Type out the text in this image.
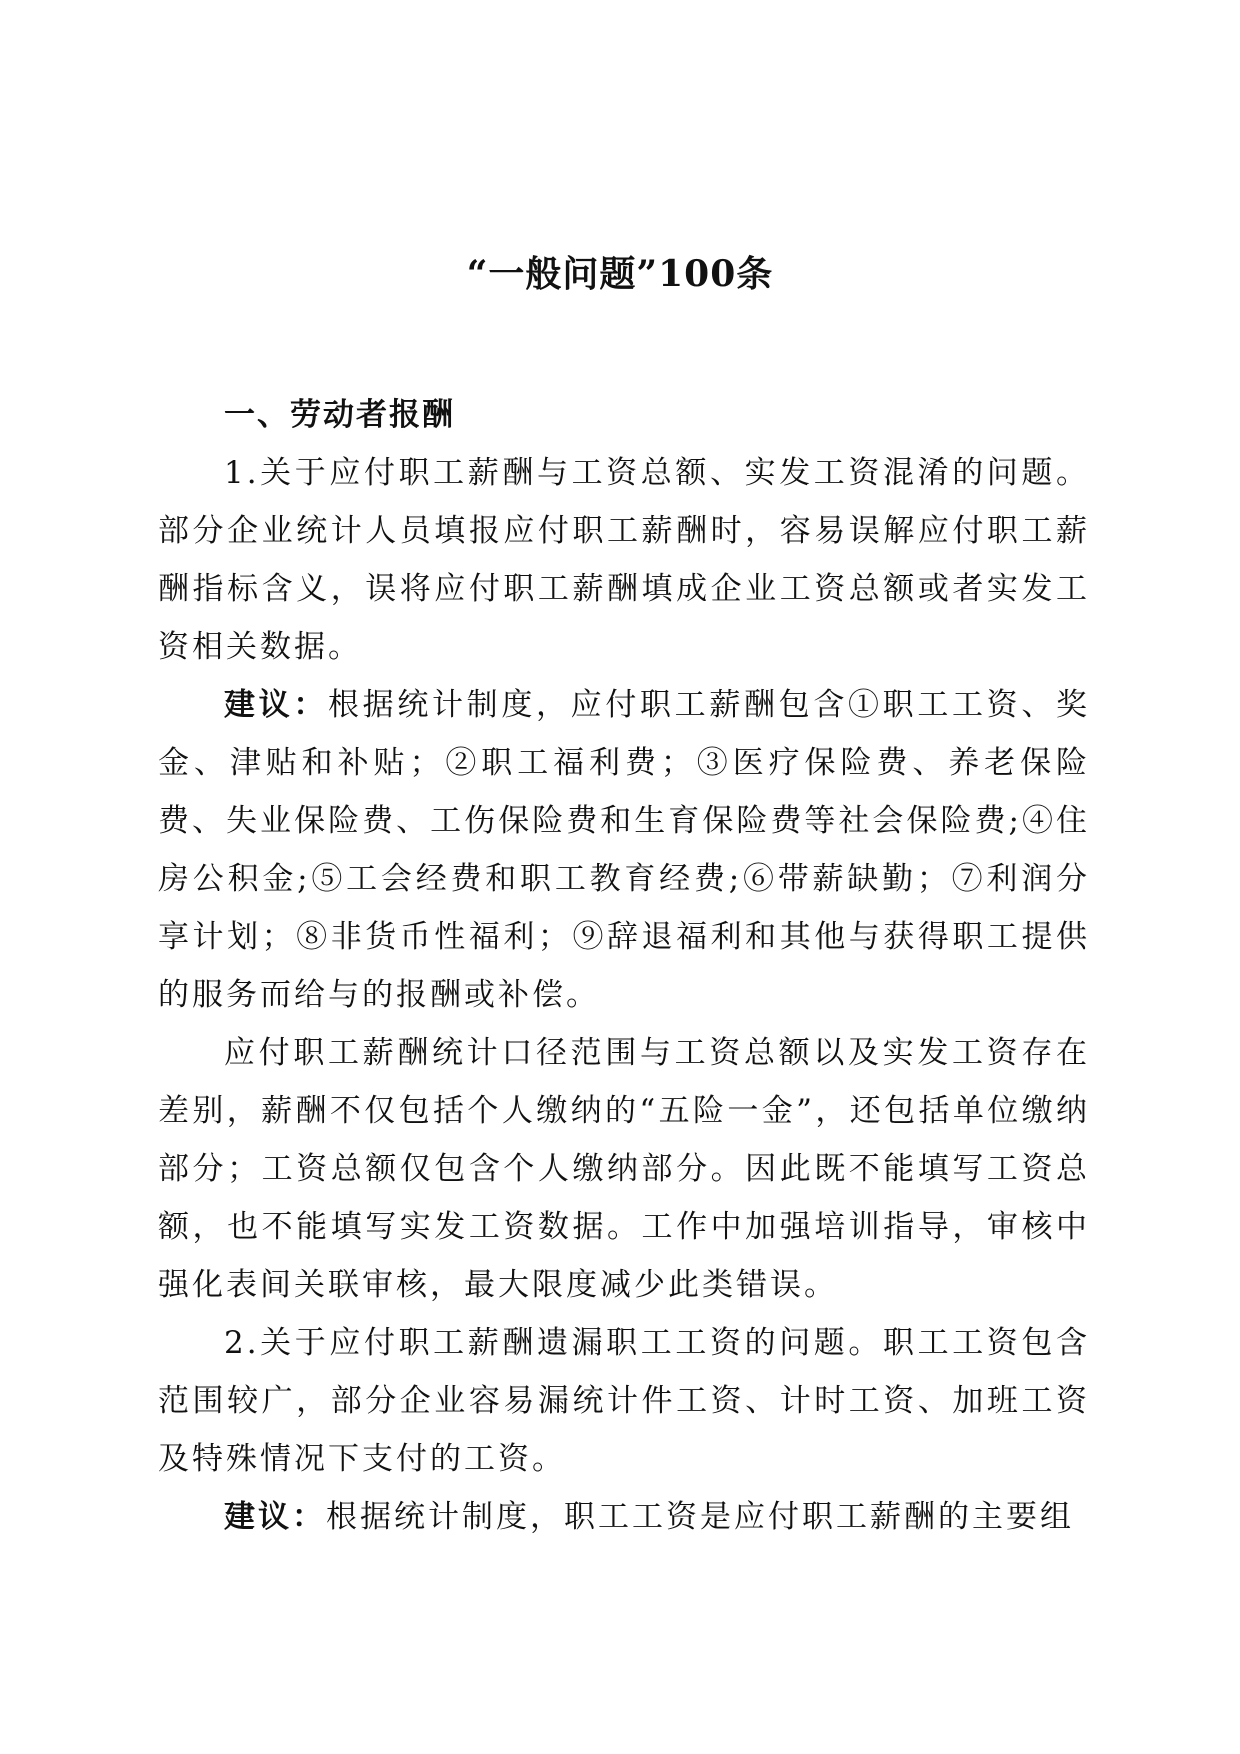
“一般问题”100条

一、劳动者报酬

1.关于应付职工薪酬与工资总额、实发工资混淆的问题。部分企业统计人员填报应付职工薪酬时，容易误解应付职工薪酬指标含义，误将应付职工薪酬填成企业工资总额或者实发工资相关数据。

建议：根据统计制度，应付职工薪酬包含①职工工资、奖金、津贴和补贴；②职工福利费；③医疗保险费、养老保险费、失业保险费、工伤保险费和生育保险费等社会保险费;④住房公积金;⑤工会经费和职工教育经费;⑥带薪缺勤；⑦利润分享计划；⑧非货币性福利；⑨辞退福利和其他与获得职工提供的服务而给与的报酬或补偿。

应付职工薪酬统计口径范围与工资总额以及实发工资存在差别，薪酬不仅包括个人缴纳的“五险一金”，还包括单位缴纳部分；工资总额仅包含个人缴纳部分。因此既不能填写工资总额，也不能填写实发工资数据。工作中加强培训指导，审核中强化表间关联审核，最大限度减少此类错误。

2.关于应付职工薪酬遗漏职工工资的问题。职工工资包含范围较广，部分企业容易漏统计件工资、计时工资、加班工资及特殊情况下支付的工资。

建议：根据统计制度，职工工资是应付职工薪酬的主要组
